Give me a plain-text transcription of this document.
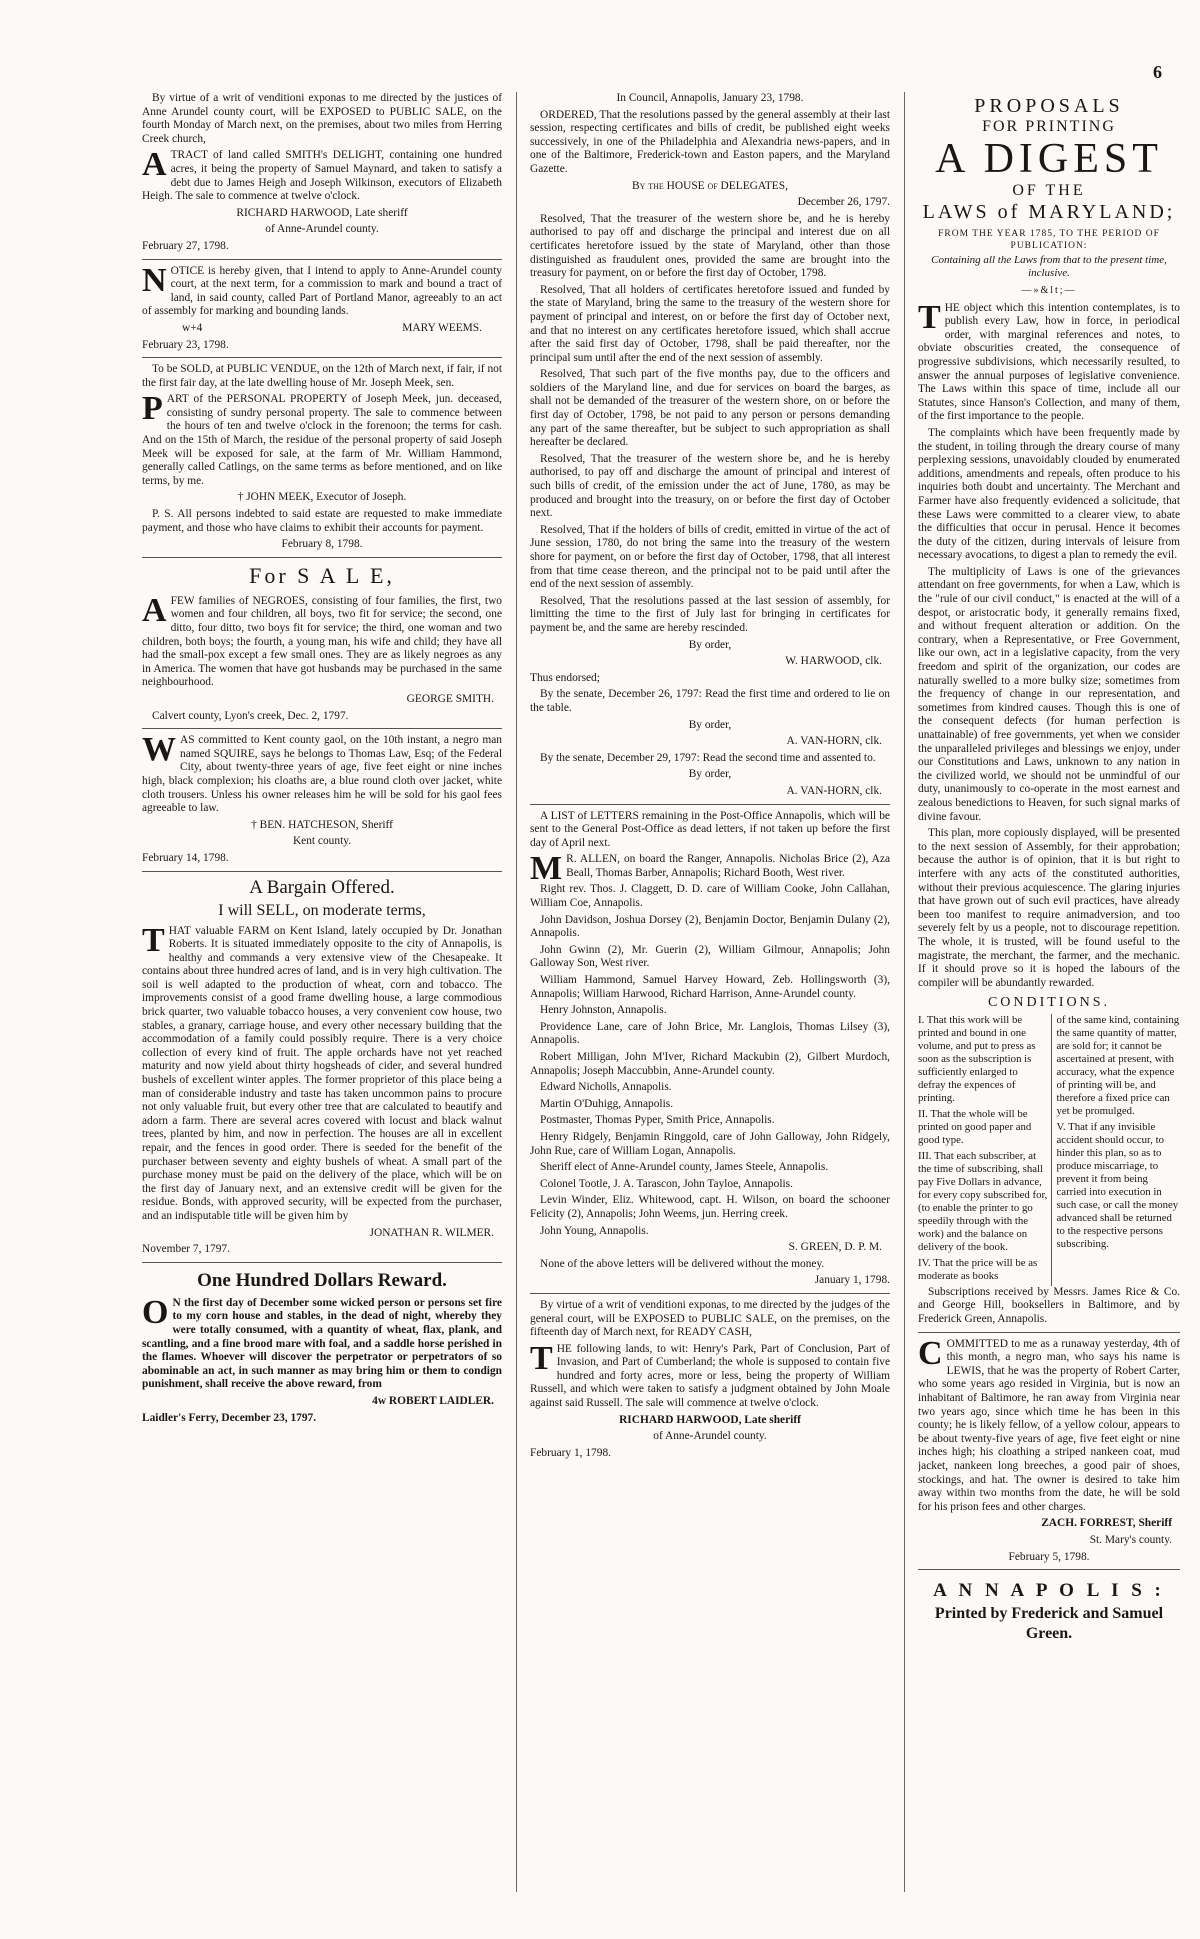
6

By virtue of a writ of venditioni exponas to me directed by the justices of Anne Arundel county court, will be EXPOSED to PUBLIC SALE, on the fourth Monday of March next, on the premises, about two miles from Herring Creek church,

ATRACT of land called SMITH's DELIGHT, containing one hundred acres, it being the property of Samuel Maynard, and taken to satisfy a debt due to James Heigh and Joseph Wilkinson, executors of Elizabeth Heigh. The sale to commence at twelve o'clock.

RICHARD HARWOOD, Late sheriff

of Anne-Arundel county.

February 27, 1798.

NOTICE is hereby given, that I intend to apply to Anne-Arundel county court, at the next term, for a commission to mark and bound a tract of land, in said county, called Part of Portland Manor, agreeably to an act of assembly for marking and bounding lands.

w+4	MARY WEEMS.

February 23, 1798.

To be SOLD, at PUBLIC VENDUE, on the 12th of March next, if fair, if not the first fair day, at the late dwelling house of Mr. Joseph Meek, sen.

PART of the PERSONAL PROPERTY of Joseph Meek, jun. deceased, consisting of sundry personal property. The sale to commence between the hours of ten and twelve o'clock in the forenoon; the terms for cash. And on the 15th of March, the residue of the personal property of said Joseph Meek will be exposed for sale, at the farm of Mr. William Hammond, generally called Catlings, on the same terms as before mentioned, and on like terms, by me.

† JOHN MEEK, Executor of Joseph.

P. S. All persons indebted to said estate are requested to make immediate payment, and those who have claims to exhibit their accounts for payment.

February 8, 1798.

For S A L E,

AFEW families of NEGROES, consisting of four families, the first, two women and four children, all boys, two fit for service; the second, one ditto, four ditto, two boys fit for service; the third, one woman and two children, both boys; the fourth, a young man, his wife and child; they have all had the small-pox except a few small ones. They are as likely negroes as any in America. The women that have got husbands may be purchased in the same neighbourhood.

GEORGE SMITH.

Calvert county, Lyon's creek, Dec. 2, 1797.

WAS committed to Kent county gaol, on the 10th instant, a negro man named SQUIRE, says he belongs to Thomas Law, Esq; of the Federal City, about twenty-three years of age, five feet eight or nine inches high, black complexion; his cloaths are, a blue round cloth over jacket, white cloth trousers. Unless his owner releases him he will be sold for his gaol fees agreeable to law.

† BEN. HATCHESON, Sheriff

Kent county.

February 14, 1798.

A Bargain Offered.

I will SELL, on moderate terms,

THAT valuable FARM on Kent Island, lately occupied by Dr. Jonathan Roberts. It is situated immediately opposite to the city of Annapolis, is healthy and commands a very extensive view of the Chesapeake. It contains about three hundred acres of land, and is in very high cultivation. The soil is well adapted to the production of wheat, corn and tobacco. The improvements consist of a good frame dwelling house, a large commodious brick quarter, two valuable tobacco houses, a very convenient cow house, two stables, a granary, carriage house, and every other necessary building that the accommodation of a family could possibly require. There is a very choice collection of every kind of fruit. The apple orchards have not yet reached maturity and now yield about thirty hogsheads of cider, and several hundred bushels of excellent winter apples. The former proprietor of this place being a man of considerable industry and taste has taken uncommon pains to procure not only valuable fruit, but every other tree that are calculated to beautify and adorn a farm. There are several acres covered with locust and black walnut trees, planted by him, and now in perfection. The houses are all in excellent repair, and the fences in good order. There is seeded for the benefit of the purchaser between seventy and eighty bushels of wheat. A small part of the purchase money must be paid on the delivery of the place, which will be on the first day of January next, and an extensive credit will be given for the residue. Bonds, with approved security, will be expected from the purchaser, and an indisputable title will be given him by

JONATHAN R. WILMER.

November 7, 1797.

One Hundred Dollars Reward.

O N the first day of December some wicked person or persons set fire to my corn house and stables, in the dead of night, whereby they were totally consumed, with a quantity of wheat, flax, plank, and scantling, and a fine brood mare with foal, and a saddle horse perished in the flames. Whoever will discover the perpetrator or perpetrators of so abominable an act, in such manner as may bring him or them to condign punishment, shall receive the above reward, from

4w ROBERT LAIDLER.

Laidler's Ferry, December 23, 1797.

In Council, Annapolis, January 23, 1798.

ORDERED, That the resolutions passed by the general assembly at their last session, respecting certificates and bills of credit, be published eight weeks successively, in one of the Philadelphia and Alexandria news-papers, and in one of the Baltimore, Frederick-town and Easton papers, and the Maryland Gazette.

By the HOUSE of DELEGATES,

December 26, 1797.

Resolved, That the treasurer of the western shore be, and he is hereby authorised to pay off and discharge the principal and interest due on all certificates heretofore issued by the state of Maryland, other than those distinguished as fraudulent ones, provided the same are brought into the treasury for payment, on or before the first day of October, 1798.

Resolved, That all holders of certificates heretofore issued and funded by the state of Maryland, bring the same to the treasury of the western shore for payment of principal and interest, on or before the first day of October next, and that no interest on any certificates heretofore issued, which shall accrue after the said first day of October, 1798, shall be paid thereafter, nor the principal sum until after the end of the next session of assembly.

Resolved, That such part of the five months pay, due to the officers and soldiers of the Maryland line, and due for services on board the barges, as shall not be demanded of the treasurer of the western shore, on or before the first day of October, 1798, be not paid to any person or persons demanding any part of the same thereafter, but be subject to such appropriation as shall hereafter be declared.

Resolved, That the treasurer of the western shore be, and he is hereby authorised, to pay off and discharge the amount of principal and interest of such bills of credit, of the emission under the act of June, 1780, as may be produced and brought into the treasury, on or before the first day of October next.

Resolved, That if the holders of bills of credit, emitted in virtue of the act of June session, 1780, do not bring the same into the treasury of the western shore for payment, on or before the first day of October, 1798, that all interest from that time cease thereon, and the principal not to be paid until after the end of the next session of assembly.

Resolved, That the resolutions passed at the last session of assembly, for limitting the time to the first of July last for bringing in certificates for payment be, and the same are hereby rescinded.

By order,

W. HARWOOD, clk.

Thus endorsed;

By the senate, December 26, 1797: Read the first time and ordered to lie on the table.

By order,

A. VAN-HORN, clk.

By the senate, December 29, 1797: Read the second time and assented to.

By order,

A. VAN-HORN, clk.

A LIST of LETTERS remaining in the Post-Office Annapolis, which will be sent to the General Post-Office as dead letters, if not taken up before the first day of April next.

M R. ALLEN, on board the Ranger, Annapolis. Nicholas Brice (2), Aza Beall, Thomas Barber, Annapolis; Richard Booth, West river.

Right rev. Thos. J. Claggett, D. D. care of William Cooke, John Callahan, William Coe, Annapolis.

John Davidson, Joshua Dorsey (2), Benjamin Doctor, Benjamin Dulany (2), Annapolis.

John Gwinn (2), Mr. Guerin (2), William Gilmour, Annapolis; John Galloway Son, West river.

William Hammond, Samuel Harvey Howard, Zeb. Hollingsworth (3), Annapolis; William Harwood, Richard Harrison, Anne-Arundel county.

Henry Johnston, Annapolis.

Providence Lane, care of John Brice, Mr. Langlois, Thomas Lilsey (3), Annapolis.

Robert Milligan, John M'Iver, Richard Mackubin (2), Gilbert Murdoch, Annapolis; Joseph Maccubbin, Anne-Arundel county.

Edward Nicholls, Annapolis.

Martin O'Duhigg, Annapolis.

Postmaster, Thomas Pyper, Smith Price, Annapolis.

Henry Ridgely, Benjamin Ringgold, care of John Galloway, John Ridgely, John Rue, care of William Logan, Annapolis.

Sheriff elect of Anne-Arundel county, James Steele, Annapolis.

Colonel Tootle, J. A. Tarascon, John Tayloe, Annapolis.

Levin Winder, Eliz. Whitewood, capt. H. Wilson, on board the schooner Felicity (2), Annapolis; John Weems, jun. Herring creek.

John Young, Annapolis.

S. GREEN, D. P. M.

None of the above letters will be delivered without the money.

January 1, 1798.

By virtue of a writ of venditioni exponas, to me directed by the judges of the general court, will be EXPOSED to PUBLIC SALE, on the premises, on the fifteenth day of March next, for READY CASH,

THE following lands, to wit: Henry's Park, Part of Conclusion, Part of Invasion, and Part of Cumberland; the whole is supposed to contain five hundred and forty acres, more or less, being the property of William Russell, and which were taken to satisfy a judgment obtained by John Moale against said Russell. The sale will commence at twelve o'clock.

RICHARD HARWOOD, Late sheriff

of Anne-Arundel county.

February 1, 1798.

PROPOSALS

FOR PRINTING

A DIGEST

OF THE

LAWS of MARYLAND;

FROM THE YEAR 1785, TO THE PERIOD OF PUBLICATION:

Containing all the Laws from that to the present time, inclusive.

—»&lt;—

THE object which this intention contemplates, is to publish every Law, how in force, in periodical order, with marginal references and notes, to obviate obscurities created, the consequence of progressive subdivisions, which necessarily resulted, to answer the annual purposes of legislative convenience. The Laws within this space of time, include all our Statutes, since Hanson's Collection, and many of them, of the first importance to the people.

The complaints which have been frequently made by the student, in toiling through the dreary course of many perplexing sessions, unavoidably clouded by enumerated additions, amendments and repeals, often produce to his inquiries both doubt and uncertainty. The Merchant and Farmer have also frequently evidenced a solicitude, that these Laws were committed to a clearer view, to abate the difficulties that occur in perusal. Hence it becomes the duty of the citizen, during intervals of leisure from necessary avocations, to digest a plan to remedy the evil.

The multiplicity of Laws is one of the grievances attendant on free governments, for when a Law, which is the "rule of our civil conduct," is enacted at the will of a despot, or aristocratic body, it generally remains fixed, and without frequent alteration or addition. On the contrary, when a Representative, or Free Government, like our own, act in a legislative capacity, from the very freedom and spirit of the organization, our codes are naturally swelled to a more bulky size; sometimes from the frequency of change in our representation, and sometimes from kindred causes. Though this is one of the consequent defects (for human perfection is unattainable) of free governments, yet when we consider the unparalleled privileges and blessings we enjoy, under our Constitutions and Laws, unknown to any nation in the civilized world, we should not be unmindful of our duty, unanimously to co-operate in the most earnest and zealous benedictions to Heaven, for such signal marks of divine favour.

This plan, more copiously displayed, will be presented to the next session of Assembly, for their approbation; because the author is of opinion, that it is but right to interfere with any acts of the constituted authorities, without their previous acquiescence. The glaring injuries that have grown out of such evil practices, have already been too manifest to require animadversion, and too severely felt by us a people, not to discourage repetition. The whole, it is trusted, will be found useful to the magistrate, the merchant, the farmer, and the mechanic. If it should prove so it is hoped the labours of the compiler will be abundantly rewarded.

CONDITIONS.

I. That this work will be printed and bound in one volume, and put to press as soon as the subscription is sufficiently enlarged to defray the expences of printing.

II. That the whole will be printed on good paper and good type.

III. That each subscriber, at the time of subscribing, shall pay Five Dollars in advance, for every copy subscribed for, (to enable the printer to go speedily through with the work) and the balance on delivery of the book.

IV. That the price will be as moderate as books

of the same kind, containing the same quantity of matter, are sold for; it cannot be ascertained at present, with accuracy, what the expence of printing will be, and therefore a fixed price can yet be promulged.

V. That if any invisible accident should occur, to hinder this plan, so as to produce miscarriage, to prevent it from being carried into execution in such case, or call the money advanced shall be returned to the respective persons subscribing.

Subscriptions received by Messrs. James Rice & Co. and George Hill, booksellers in Baltimore, and by Frederick Green, Annapolis.

COMMITTED to me as a runaway yesterday, 4th of this month, a negro man, who says his name is LEWIS, that he was the property of Robert Carter, who some years ago resided in Virginia, but is now an inhabitant of Baltimore, he ran away from Virginia near two years ago, since which time he has been in this county; he is likely fellow, of a yellow colour, appears to be about twenty-five years of age, five feet eight or nine inches high; his cloathing a striped nankeen coat, mud jacket, nankeen long breeches, a good pair of shoes, stockings, and hat. The owner is desired to take him away within two months from the date, he will be sold for his prison fees and other charges.

ZACH. FORREST, Sheriff

St. Mary's county.

February 5, 1798.

A N N A P O L I S :

Printed by Frederick and Samuel Green.
